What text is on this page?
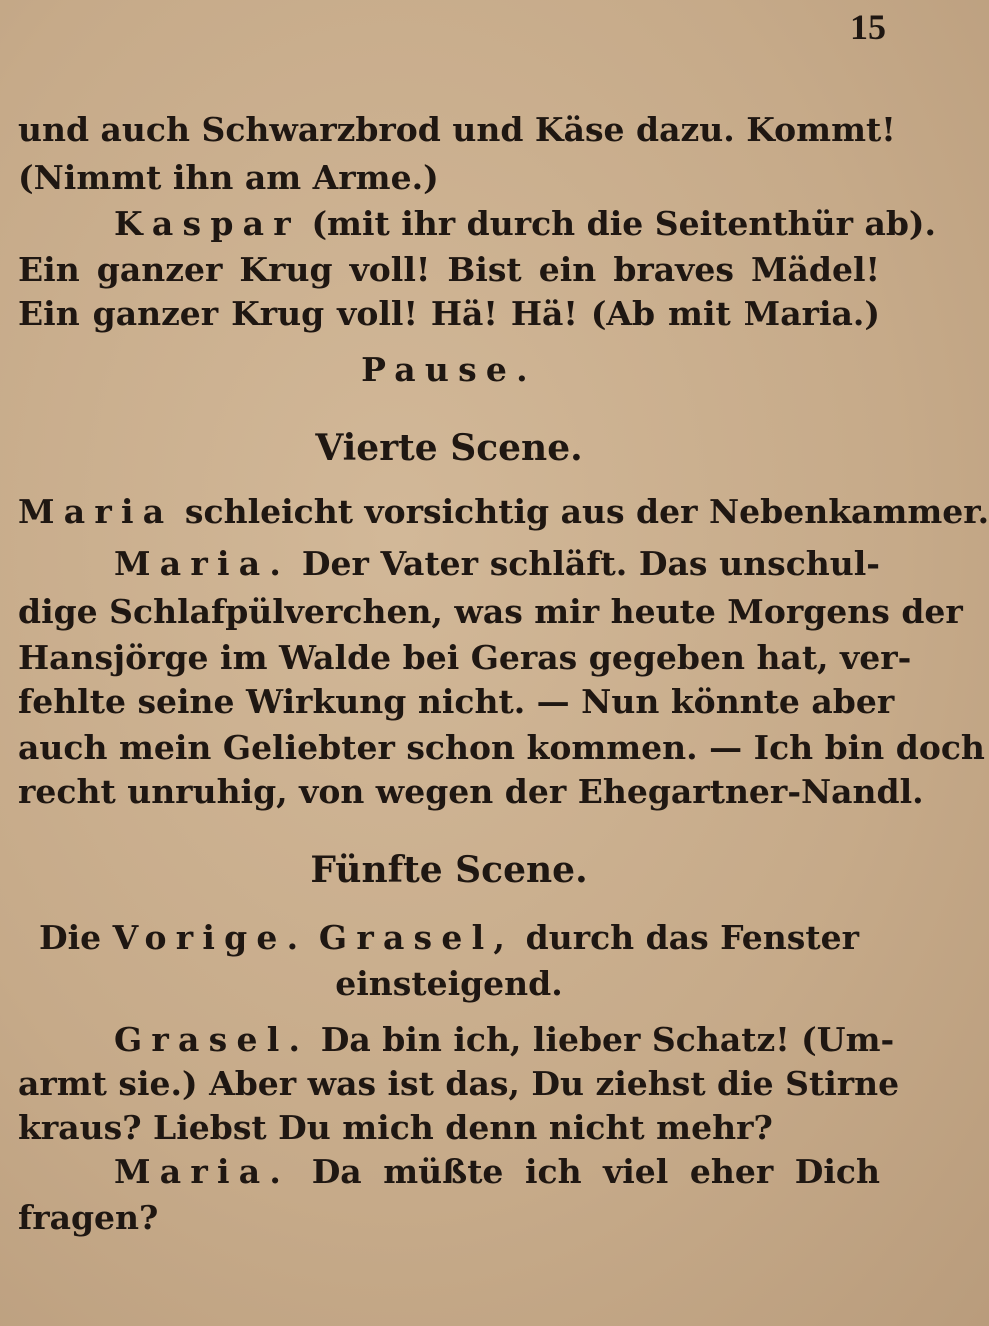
15
und auch Schwarzbrod und Käse dazu. Kommt!
(Nimmt ihn am Arme.)
Kaspar (mit ihr durch die Seitenthür ab).
Ein ganzer Krug voll! Bist ein braves Mädel!
Ein ganzer Krug voll! Hä! Hä! (Ab mit Maria.)
Pause.
Vierte Scene.
Maria schleicht vorsichtig aus der Nebenkammer.
Maria. Der Vater schläft. Das unschul-
dige Schlafpülverchen, was mir heute Morgens der
Hansjörge im Walde bei Geras gegeben hat, ver-
fehlte seine Wirkung nicht. — Nun könnte aber
auch mein Geliebter schon kommen. — Ich bin doch
recht unruhig, von wegen der Ehegartner-Nandl.
Fünfte Scene.
Die Vorige. Grasel, durch das Fenster
einsteigend.
Grasel. Da bin ich, lieber Schatz! (Um-
armt sie.) Aber was ist das, Du ziehst die Stirne
kraus? Liebst Du mich denn nicht mehr?
Maria. Da müßte ich viel eher Dich
fragen?
